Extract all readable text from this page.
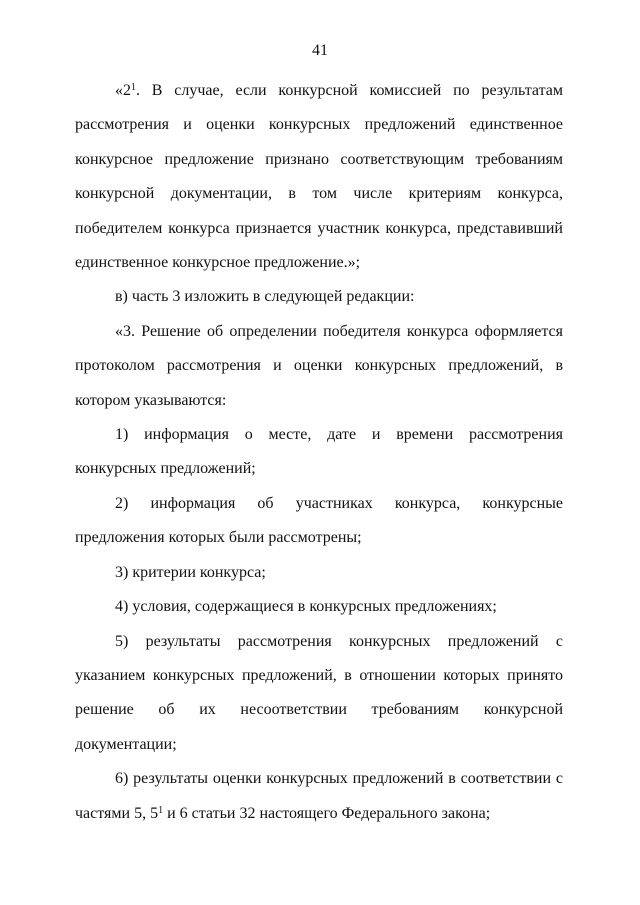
41

«$2^1$. В случае, если конкурсной комиссией по результатам рассмотрения и оценки конкурсных предложений единственное конкурсное предложение признано соответствующим требованиям конкурсной документации, в том числе критериям конкурса, победителем конкурса признается участник конкурса, представивший единственное конкурсное предложение.»;

в) часть 3 изложить в следующей редакции:

«3. Решение об определении победителя конкурса оформляется протоколом рассмотрения и оценки конкурсных предложений, в котором указываются:

1) информация о месте, дате и времени рассмотрения конкурсных предложений;

2) информация об участниках конкурса, конкурсные предложения которых были рассмотрены;

3) критерии конкурса;

4) условия, содержащиеся в конкурсных предложениях;

5) результаты рассмотрения конкурсных предложений с указанием конкурсных предложений, в отношении которых принято решение об их несоответствии требованиям конкурсной документации;

6) результаты оценки конкурсных предложений в соответствии с частями 5, $5^1$ и 6 статьи 32 настоящего Федерального закона;
